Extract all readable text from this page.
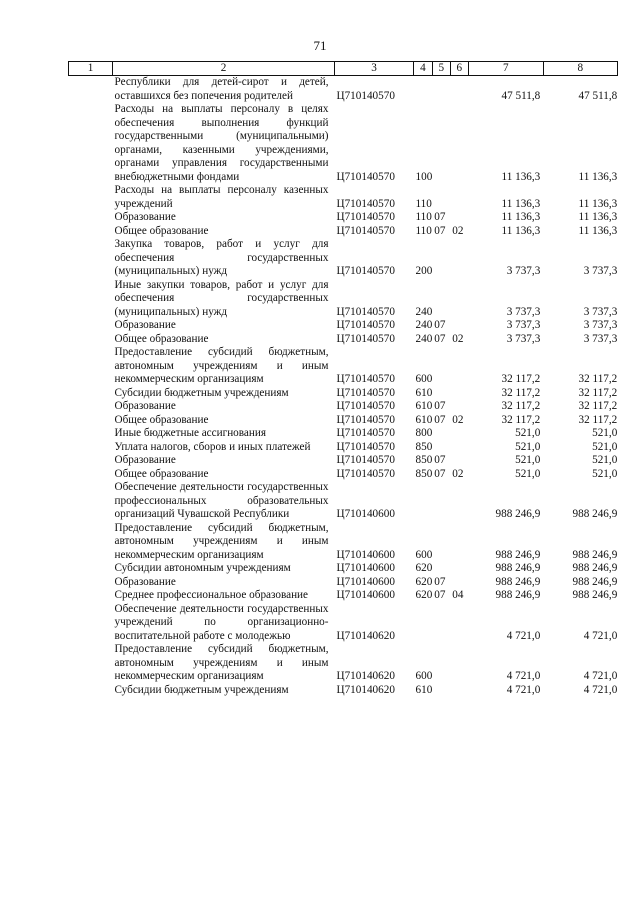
71
1	2	3	4	5	6	7	8
	Республики для детей-сирот и детей, оставшихся без попечения родителей	Ц710140570				47 511,8	47 511,8
	Расходы на выплаты персоналу в целях обеспечения выполнения функций государственными (муниципальными) органами, казенными учреждениями, органами управления государственными внебюджетными фондами	Ц710140570	100			11 136,3	11 136,3
	Расходы на выплаты персоналу казенных учреждений	Ц710140570	110			11 136,3	11 136,3
	Образование	Ц710140570	110	07		11 136,3	11 136,3
	Общее образование	Ц710140570	110	07	02	11 136,3	11 136,3
	Закупка товаров, работ и услуг для обеспечения государственных (муниципальных) нужд	Ц710140570	200			3 737,3	3 737,3
	Иные закупки товаров, работ и услуг для обеспечения государственных (муниципальных) нужд	Ц710140570	240			3 737,3	3 737,3
	Образование	Ц710140570	240	07		3 737,3	3 737,3
	Общее образование	Ц710140570	240	07	02	3 737,3	3 737,3
	Предоставление субсидий бюджетным, автономным учреждениям и иным некоммерческим организациям	Ц710140570	600			32 117,2	32 117,2
	Субсидии бюджетным учреждениям	Ц710140570	610			32 117,2	32 117,2
	Образование	Ц710140570	610	07		32 117,2	32 117,2
	Общее образование	Ц710140570	610	07	02	32 117,2	32 117,2
	Иные бюджетные ассигнования	Ц710140570	800			521,0	521,0
	Уплата налогов, сборов и иных платежей	Ц710140570	850			521,0	521,0
	Образование	Ц710140570	850	07		521,0	521,0
	Общее образование	Ц710140570	850	07	02	521,0	521,0
	Обеспечение деятельности государственных профессиональных образовательных организаций Чувашской Республики	Ц710140600				988 246,9	988 246,9
	Предоставление субсидий бюджетным, автономным учреждениям и иным некоммерческим организациям	Ц710140600	600			988 246,9	988 246,9
	Субсидии автономным учреждениям	Ц710140600	620			988 246,9	988 246,9
	Образование	Ц710140600	620	07		988 246,9	988 246,9
	Среднее профессиональное образование	Ц710140600	620	07	04	988 246,9	988 246,9
	Обеспечение деятельности государственных учреждений по организационно-воспитательной работе с молодежью	Ц710140620				4 721,0	4 721,0
	Предоставление субсидий бюджетным, автономным учреждениям и иным некоммерческим организациям	Ц710140620	600			4 721,0	4 721,0
	Субсидии бюджетным учреждениям	Ц710140620	610			4 721,0	4 721,0
